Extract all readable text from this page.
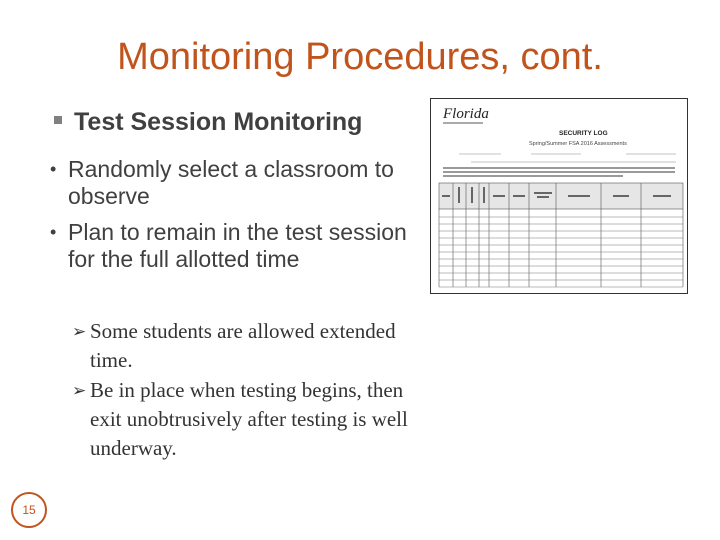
Monitoring Procedures, cont.
Test Session Monitoring
• Randomly select a classroom to observe
• Plan to remain in the test session for the full allotted time
➢ Some students are allowed extended time.
➢ Be in place when testing begins, then exit unobtrusively after testing is well underway.
Florida
SECURITY LOG
Spring/Summer FSA 2016 Assessments
15
